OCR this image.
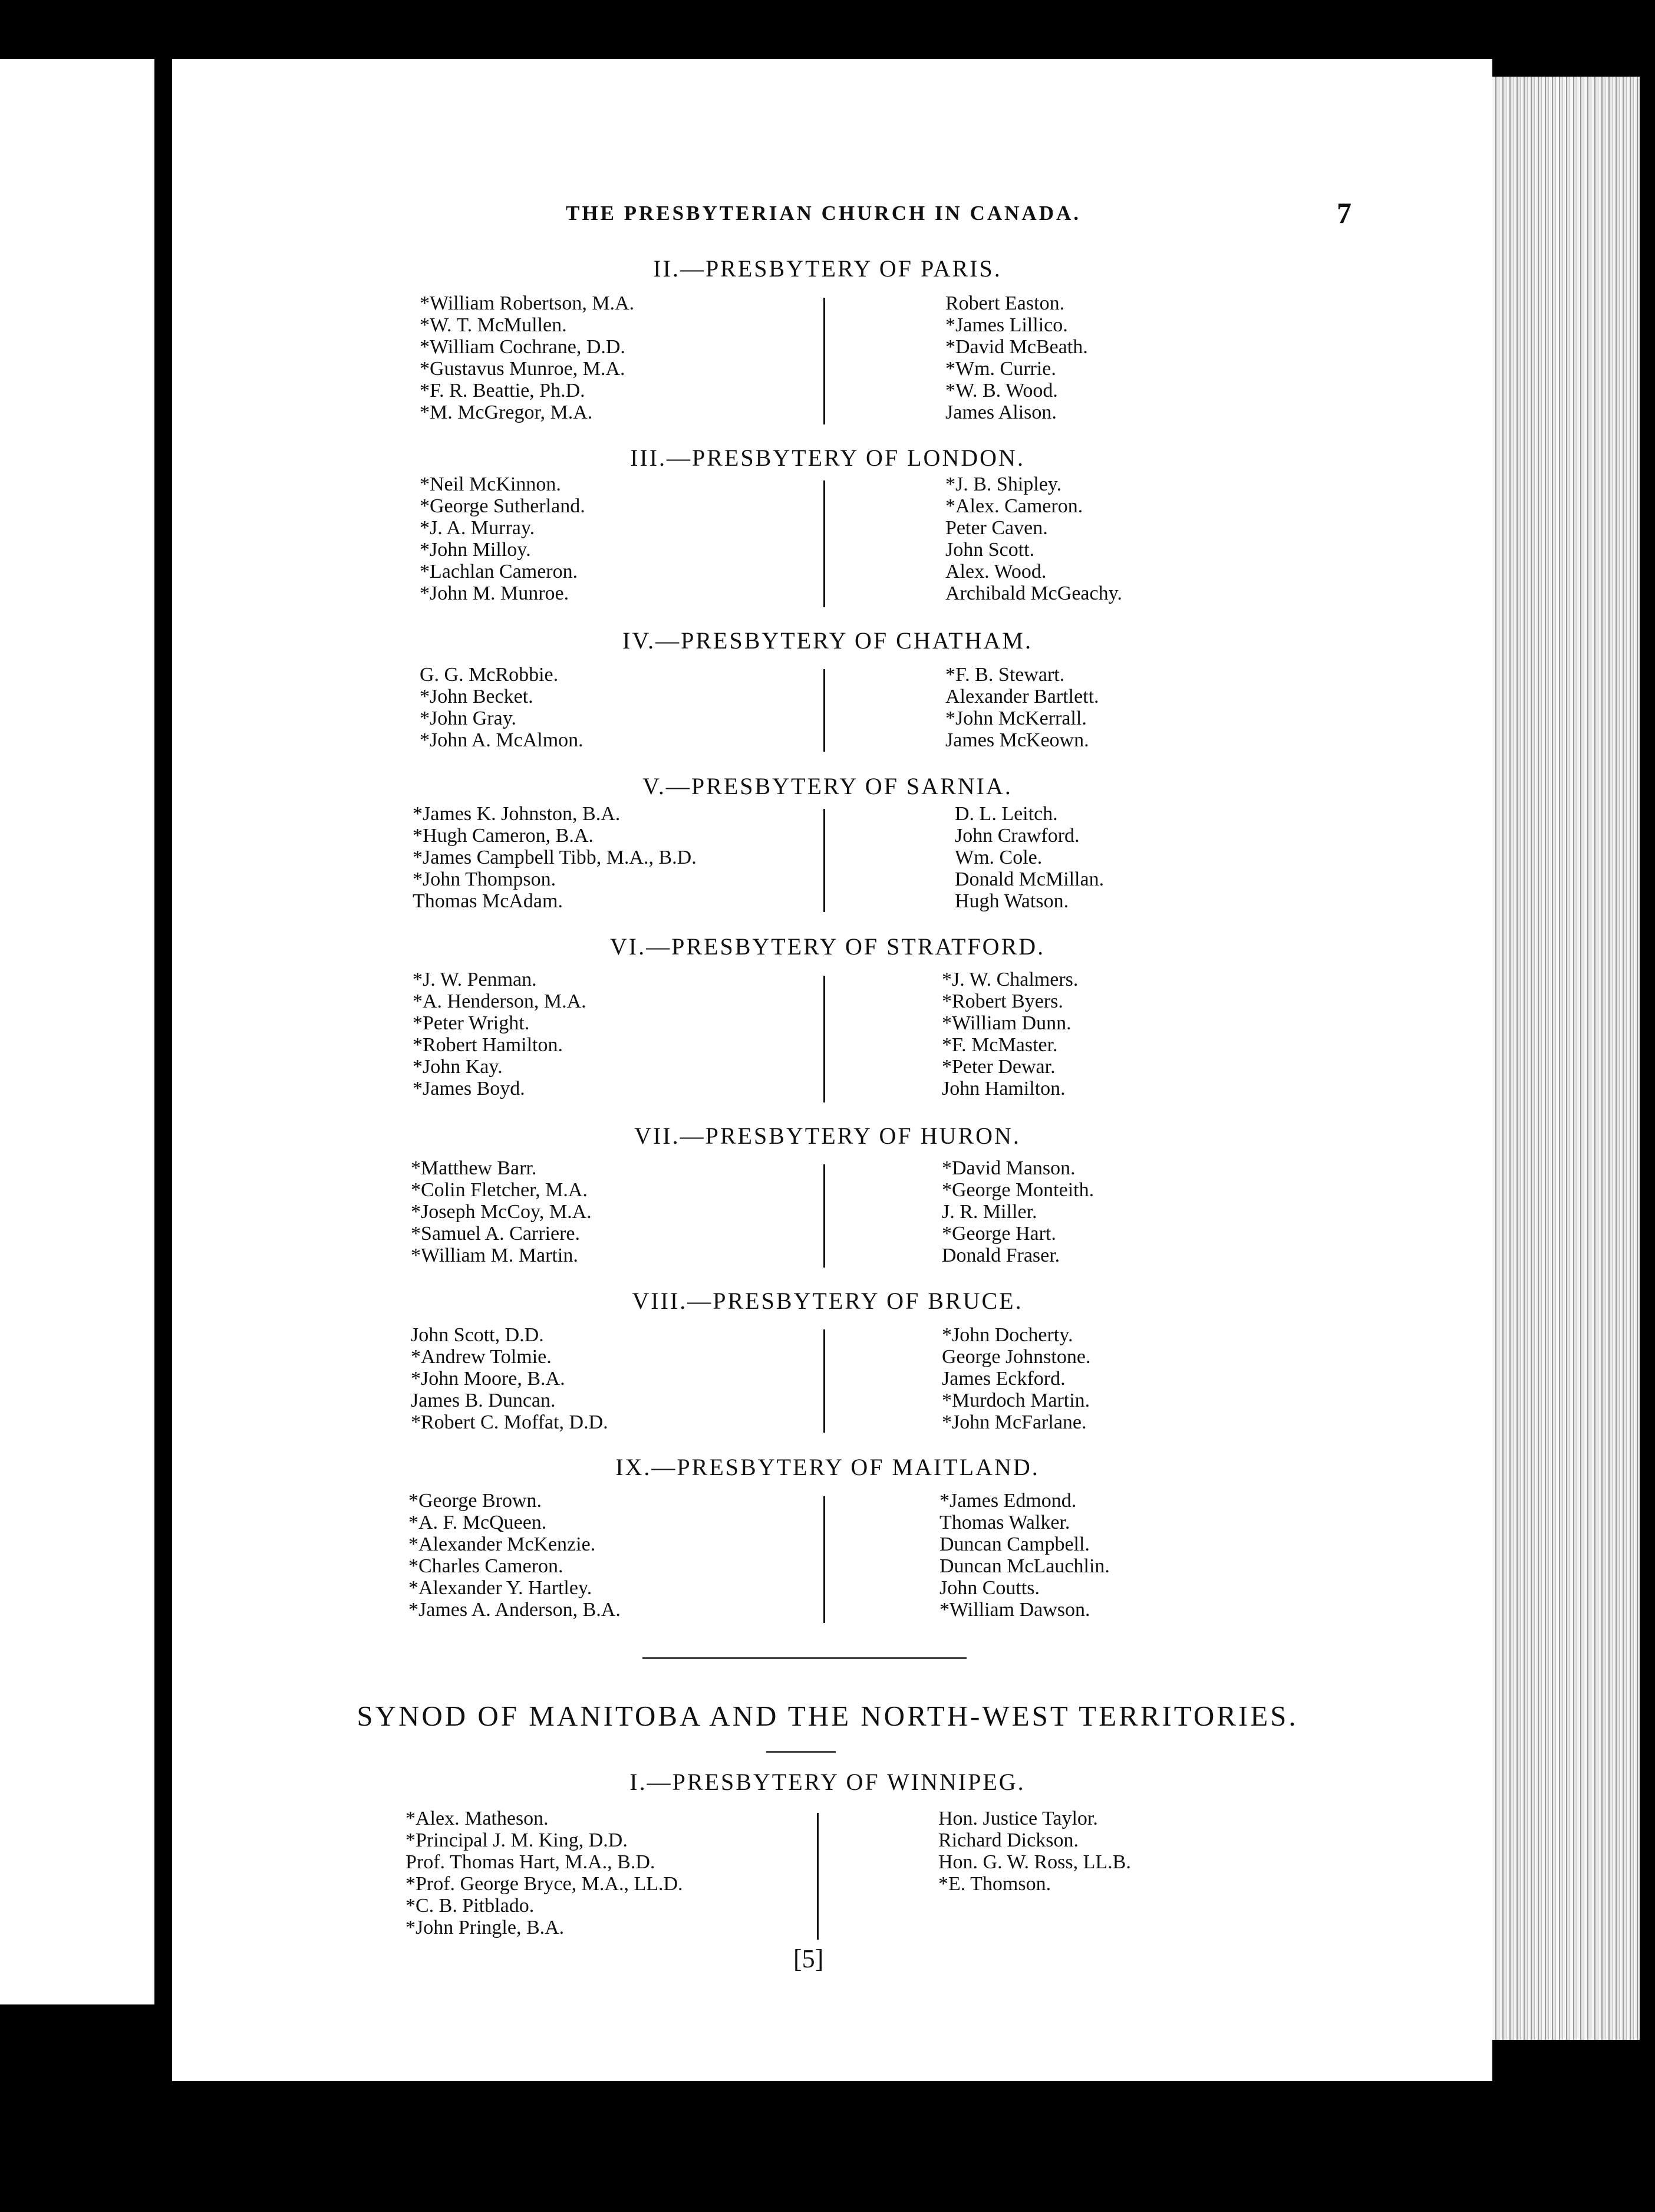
THE PRESBYTERIAN CHURCH IN CANADA.	7
II.—PRESBYTERY OF PARIS.
*William Robertson, M.A.
*W. T. McMullen.
*William Cochrane, D.D.
*Gustavus Munroe, M.A.
*F. R. Beattie, Ph.D.
*M. McGregor, M.A.
Robert Easton.
*James Lillico.
*David McBeath.
*Wm. Currie.
*W. B. Wood.
James Alison.
III.—PRESBYTERY OF LONDON.
*Neil McKinnon.
*George Sutherland.
*J. A. Murray.
*John Milloy.
*Lachlan Cameron.
*John M. Munroe.
*J. B. Shipley.
*Alex. Cameron.
Peter Caven.
John Scott.
Alex. Wood.
Archibald McGeachy.
IV.—PRESBYTERY OF CHATHAM.
G. G. McRobbie.
*John Becket.
*John Gray.
*John A. McAlmon.
*F. B. Stewart.
Alexander Bartlett.
*John McKerrall.
James McKeown.
V.—PRESBYTERY OF SARNIA.
*James K. Johnston, B.A.
*Hugh Cameron, B.A.
*James Campbell Tibb, M.A., B.D.
*John Thompson.
Thomas McAdam.
D. L. Leitch.
John Crawford.
Wm. Cole.
Donald McMillan.
Hugh Watson.
VI.—PRESBYTERY OF STRATFORD.
*J. W. Penman.
*A. Henderson, M.A.
*Peter Wright.
*Robert Hamilton.
*John Kay.
*James Boyd.
*J. W. Chalmers.
*Robert Byers.
*William Dunn.
*F. McMaster.
*Peter Dewar.
John Hamilton.
VII.—PRESBYTERY OF HURON.
*Matthew Barr.
*Colin Fletcher, M.A.
*Joseph McCoy, M.A.
*Samuel A. Carriere.
*William M. Martin.
*David Manson.
*George Monteith.
J. R. Miller.
*George Hart.
Donald Fraser.
VIII.—PRESBYTERY OF BRUCE.
John Scott, D.D.
*Andrew Tolmie.
*John Moore, B.A.
James B. Duncan.
*Robert C. Moffat, D.D.
*John Docherty.
George Johnstone.
James Eckford.
*Murdoch Martin.
*John McFarlane.
IX.—PRESBYTERY OF MAITLAND.
*George Brown.
*A. F. McQueen.
*Alexander McKenzie.
*Charles Cameron.
*Alexander Y. Hartley.
*James A. Anderson, B.A.
*James Edmond.
Thomas Walker.
Duncan Campbell.
Duncan McLauchlin.
John Coutts.
*William Dawson.
SYNOD OF MANITOBA AND THE NORTH-WEST TERRITORIES.
I.—PRESBYTERY OF WINNIPEG.
*Alex. Matheson.
*Principal J. M. King, D.D.
Prof. Thomas Hart, M.A., B.D.
*Prof. George Bryce, M.A., LL.D.
*C. B. Pitblado.
*John Pringle, B.A.
Hon. Justice Taylor.
Richard Dickson.
Hon. G. W. Ross, LL.B.
*E. Thomson.
[5]
